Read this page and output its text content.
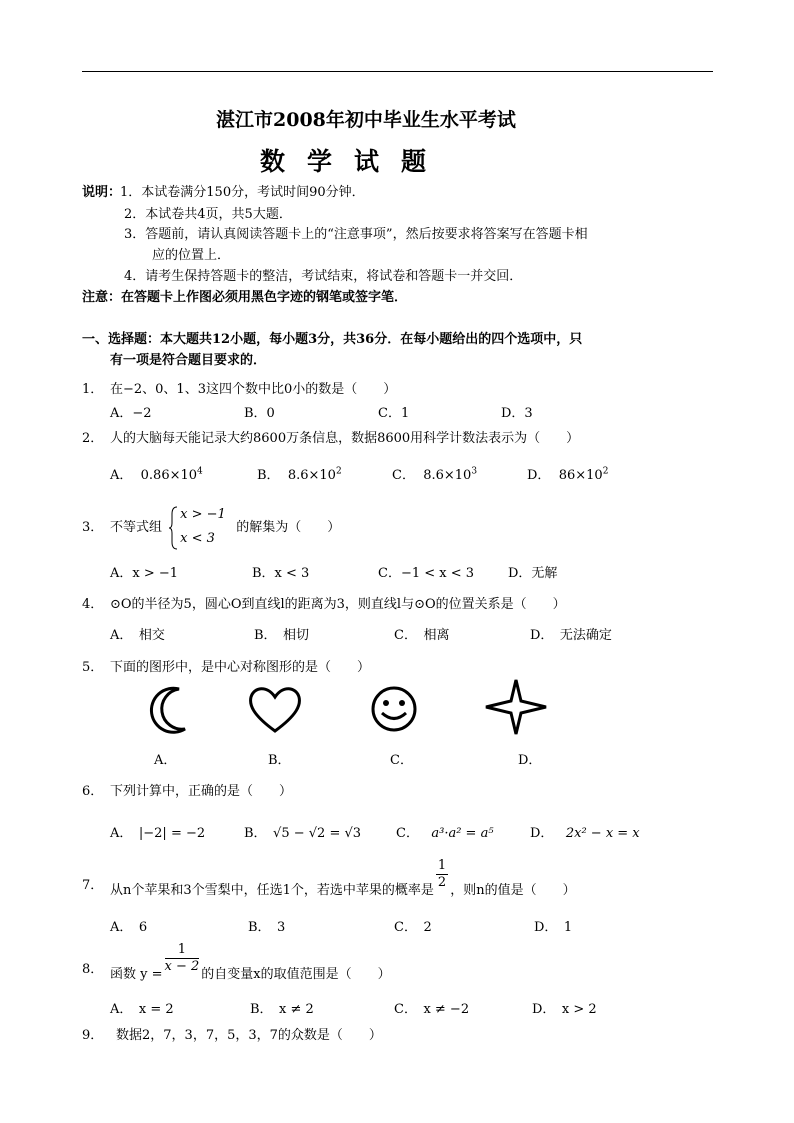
湛江市2008年初中毕业生水平考试
数学试题
说明：
1．本试卷满分150分，考试时间90分钟．
2．本试卷共4页，共5大题．
3．答题前，请认真阅读答题卡上的“注意事项”，然后按要求将答案写在答题卡相
应的位置上．
4．请考生保持答题卡的整洁，考试结束，将试卷和答题卡一并交回．
注意：在答题卡上作图必须用黑色字迹的钢笔或签字笔．
一、选择题：本大题共12小题，每小题3分，共36分．在每小题给出的四个选项中，只
有一项是符合题目要求的．
1． 在−2、0、1、3这四个数中比0小的数是（　　）
A．−2	B．0	C．1	D．3
2． 人的大脑每天能记录大约8600万条信息，数据8600用科学计数法表示为（　　）
A． $0.86\times 10^4$	B． $8.6\times 10^2$	C． $8.6\times 10^3$	D． $86\times 10^2$
3． 不等式组
x > −1
x < 3
的解集为（　　）
A．x > −1	B．x < 3	C．−1 < x < 3	D．无解
4． ⊙O的半径为5，圆心O到直线l的距离为3，则直线l与⊙O的位置关系是（　　）
A．　相交	B．　相切	C．　相离	D．　无法确定
5． 下面的图形中，是中心对称图形的是（　　）
A．	B．	C．	D．
6． 下列计算中，正确的是（　　）
A．　|−2| = −2	B．　√5 − √2 = √3	C． a³·a² = a⁵	D． 2x² − x = x
7． 从n个苹果和3个雪梨中，任选1个，若选中苹果的概率是 $\frac{1}{2}$ ，则n的值是（　　）
A．　6	B．　3	C．　2	D．　1
8． 函数 $y = \frac{1}{x - 2}$ 的自变量x的取值范围是（　　）
A．　x = 2	B．　x ≠ 2	C．　x ≠ −2	D．　x > 2
9． 数据2，7，3，7，5，3，7的众数是（　　）
